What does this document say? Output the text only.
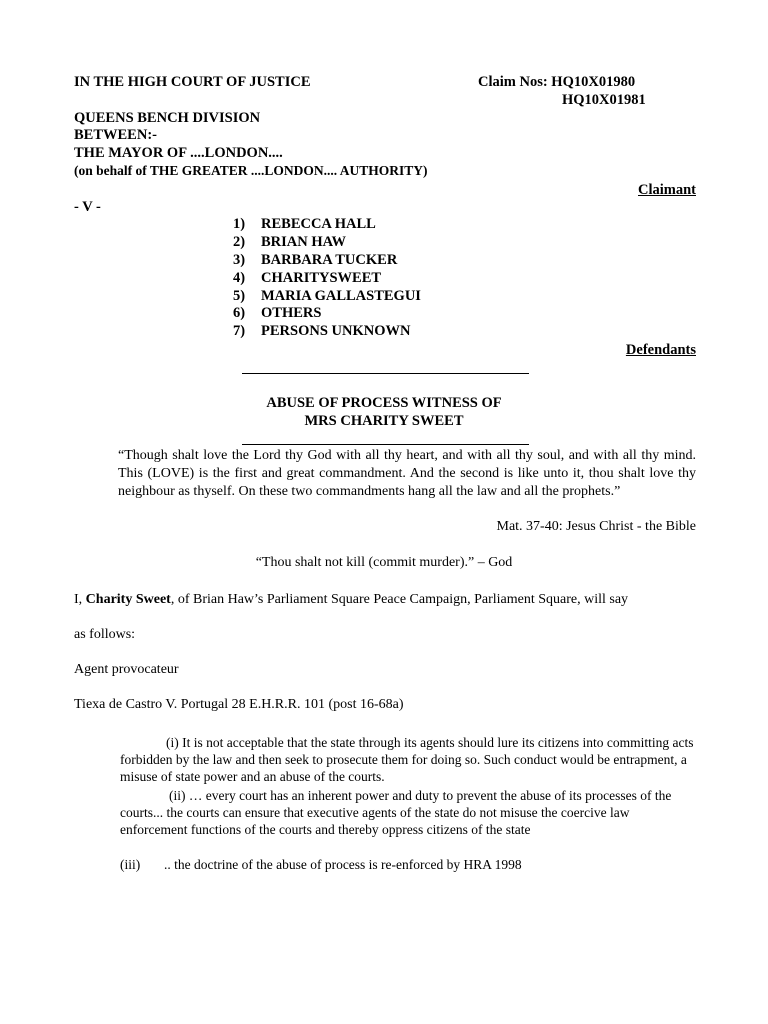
IN THE HIGH COURT OF JUSTICE	Claim Nos: HQ10X01980
HQ10X01981
QUEENS BENCH DIVISION
BETWEEN:-
THE MAYOR OF ....LONDON....
(on behalf of THE GREATER ....LONDON.... AUTHORITY)
Claimant
- V -
1) REBECCA HALL
2) BRIAN HAW
3) BARBARA TUCKER
4) CHARITYSWEET
5) MARIA GALLASTEGUI
6) OTHERS
7) PERSONS UNKNOWN
Defendants
ABUSE OF PROCESS WITNESS OF
MRS CHARITY SWEET
“Though shalt love the Lord thy God with all thy heart, and with all thy soul, and with all thy mind. This (LOVE) is the first and great commandment. And the second is like unto it, thou shalt love thy neighbour as thyself. On these two commandments hang all the law and all the prophets.”
Mat. 37-40: Jesus Christ - the Bible
“Thou shalt not kill (commit murder).” – God
I, Charity Sweet, of Brian Haw’s Parliament Square Peace Campaign, Parliament Square, will say
as follows:
Agent provocateur
Tiexa de Castro V. Portugal 28 E.H.R.R. 101 (post 16-68a)
(i) It is not acceptable that the state through its agents should lure its citizens into committing acts forbidden by the law and then seek to prosecute them for doing so. Such conduct would be entrapment, a misuse of state power and an abuse of the courts.
(ii) … every court has an inherent power and duty to prevent the abuse of its processes of the courts... the courts can ensure that executive agents of the state do not misuse the coercive law enforcement functions of the courts and thereby oppress citizens of the state
(iii) .. the doctrine of the abuse of process is re-enforced by HRA 1998
